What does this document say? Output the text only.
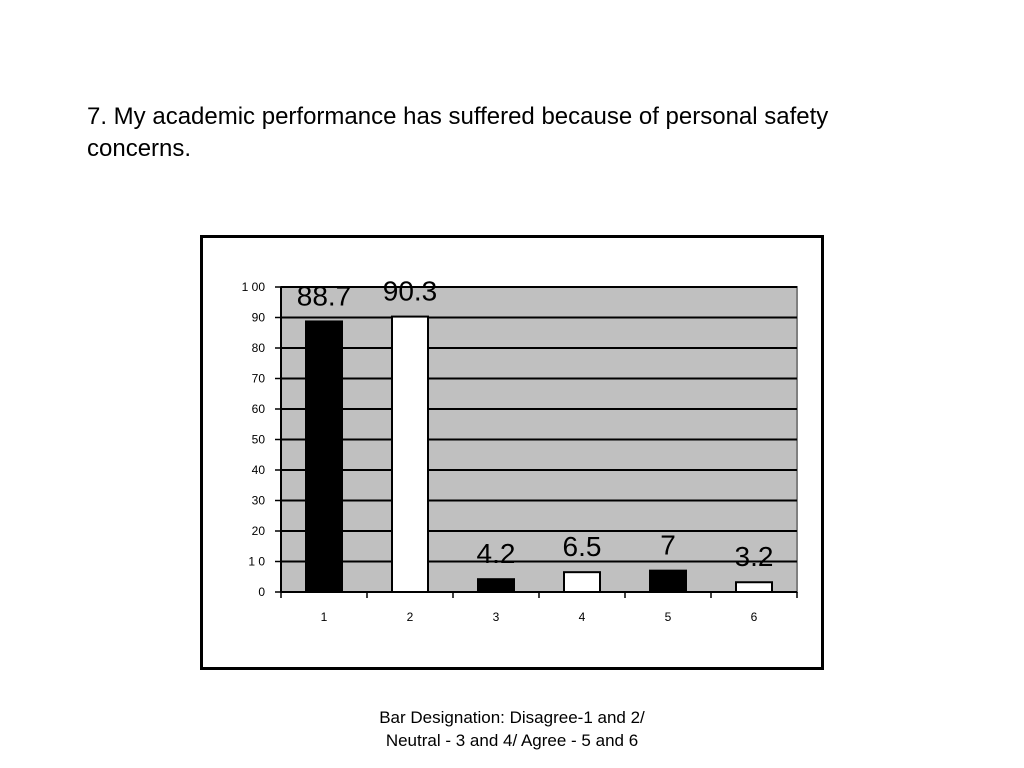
7. My academic performance has suffered because of personal safety concerns.
0
1 0
20
30
40
50
60
70
80
90
1 00
1
88.7
2
90.3
3
4.2
4
6.5
5
7
6
3.2
Bar Designation: Disagree-1 and 2/ Neutral - 3 and 4/ Agree - 5 and 6
